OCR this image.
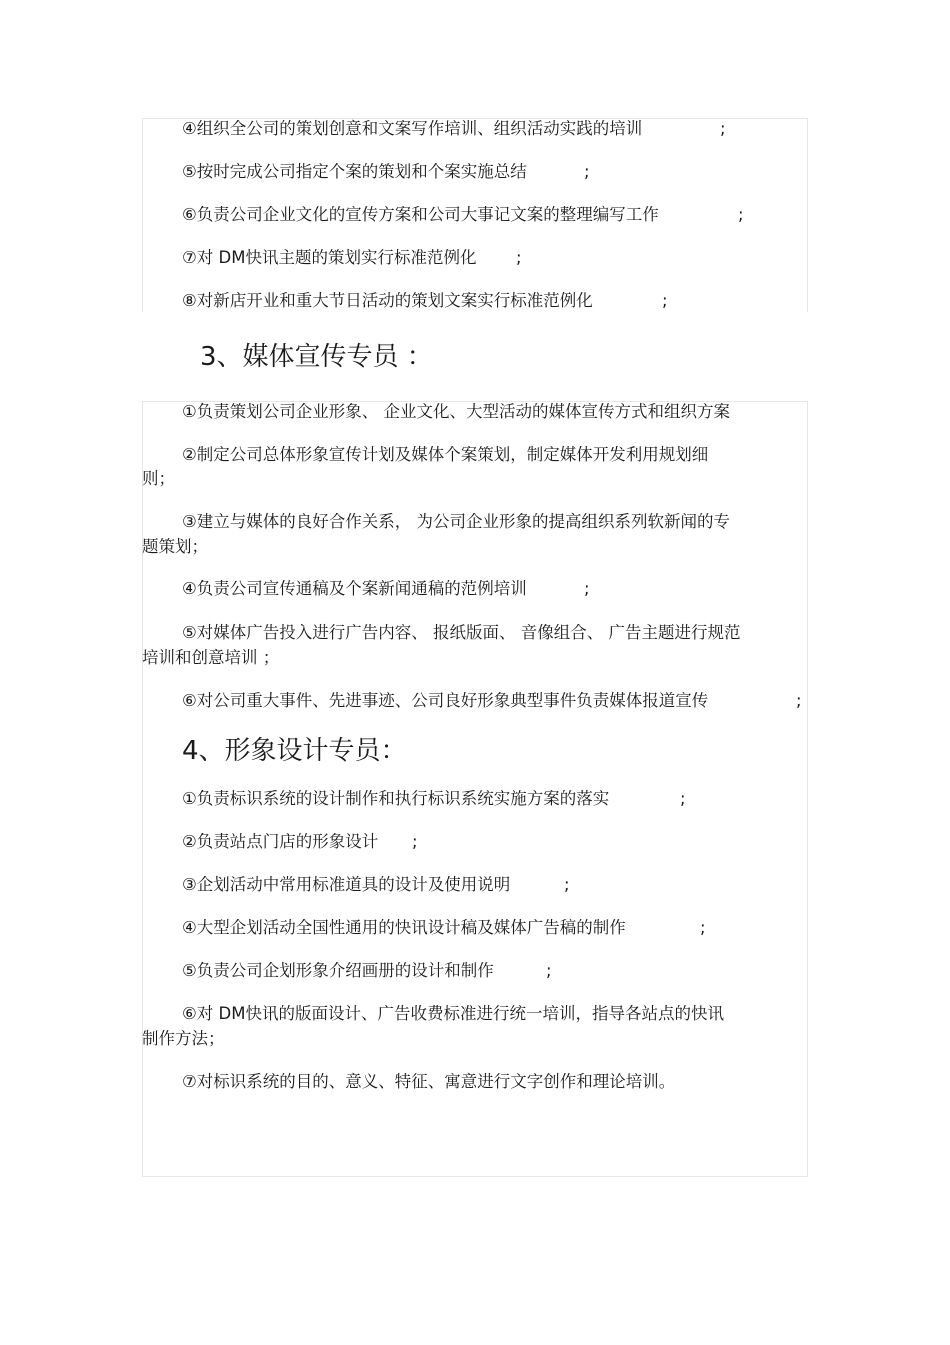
④组织全公司的策划创意和文案写作培训、组织活动实践的培训	;
⑤按时完成公司指定个案的策划和个案实施总结	;
⑥负责公司企业文化的宣传方案和公司大事记文案的整理编写工作	;
⑦对 DM快讯主题的策划实行标准范例化 ;
⑧对新店开业和重大节日活动的策划文案实行标准范例化	;
3、媒体宣传专员 ：
①负责策划公司企业形象、 企业文化、大型活动的媒体宣传方式和组织方案
②制定公司总体形象宣传计划及媒体个案策划，制定媒体开发利用规划细
则；
③建立与媒体的良好合作关系， 为公司企业形象的提高组织系列软新闻的专
题策划；
④负责公司宣传通稿及个案新闻通稿的范例培训	;
⑤对媒体广告投入进行广告内容、 报纸版面、 音像组合、 广告主题进行规范
培训和创意培训 ；
⑥对公司重大事件、先进事迹、公司良好形象典型事件负责媒体报道宣传	;
4、形象设计专员：
①负责标识系统的设计制作和执行标识系统实施方案的落实	;
②负责站点门店的形象设计 ;
③企划活动中常用标准道具的设计及使用说明	;
④大型企划活动全国性通用的快讯设计稿及媒体广告稿的制作	;
⑤负责公司企划形象介绍画册的设计和制作	;
⑥对 DM快讯的版面设计、广告收费标准进行统一培训，指导各站点的快讯
制作方法；
⑦对标识系统的目的、意义、特征、寓意进行文字创作和理论培训。
